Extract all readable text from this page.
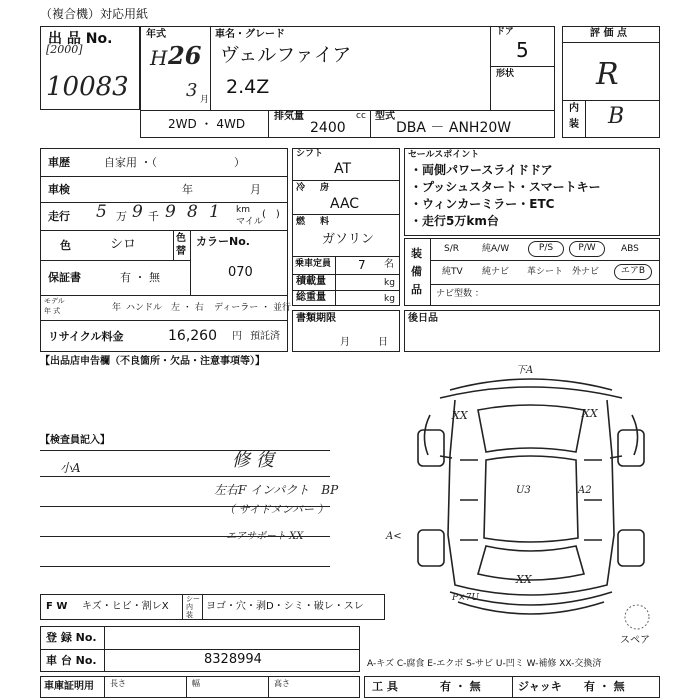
（複合機）対応用紙
出 品 No.
[2000]
10083
年式
H 26
3 月
車名・グレード
ヴェルファイア
2.4Z
ドア
5
形状
2WD ・ 4WD
排気量	cc
2400
型式
DBA － ANH20W
評 価 点
R
内
装 B
車歴	自家用 ・（　　　　　　　）
車検	年	月
走行 5 万 9 千 9 8 1 km
マイル
(　)
色	シロ	色
替
カラーNo.
070
保証書	有 ・ 無
モデル
年 式	年 ハンドル　左 ・ 右 ディーラー ・ 並行
リサイクル料金	16,260 円 預託済
シフト
AT
冷 房
AAC
燃 料
ガソリン
乗車定員 7 名
積載量	kg
総重量	kg
書類期限
月	日
セールスポイント
・両側パワースライドドア
・プッシュスタート・スマートキー
・ウィンカーミラー・ETC
・走行5万km台
装
備
品
S/R	純A/W	P/S	P/W	ABS
純TV 純ナビ 革シート 外ナビ	エアB
ナビ型数 ：
後日品
【出品店申告欄（不良箇所・欠品・注意事項等）】
【検査員記入】
小A	修 復
左右F インパクト　BP
（ サイドメンバー ）
エアサポート XX	A<
下A
XX	XX
U3	A2
XX
P×7U
スペア
F W キズ・ヒビ・割レX
シー
内
装
ヨゴ・穴・剥D・シミ・破レ・スレ
登 録 No.
車 台 No.	8328994
車庫証明用 長さ	幅	高さ
A-キズ C-腐食 E-エクボ S-サビ U-凹ミ W-補修 XX-交換済
工 具	有 ・ 無	ジャッキ 有 ・ 無
